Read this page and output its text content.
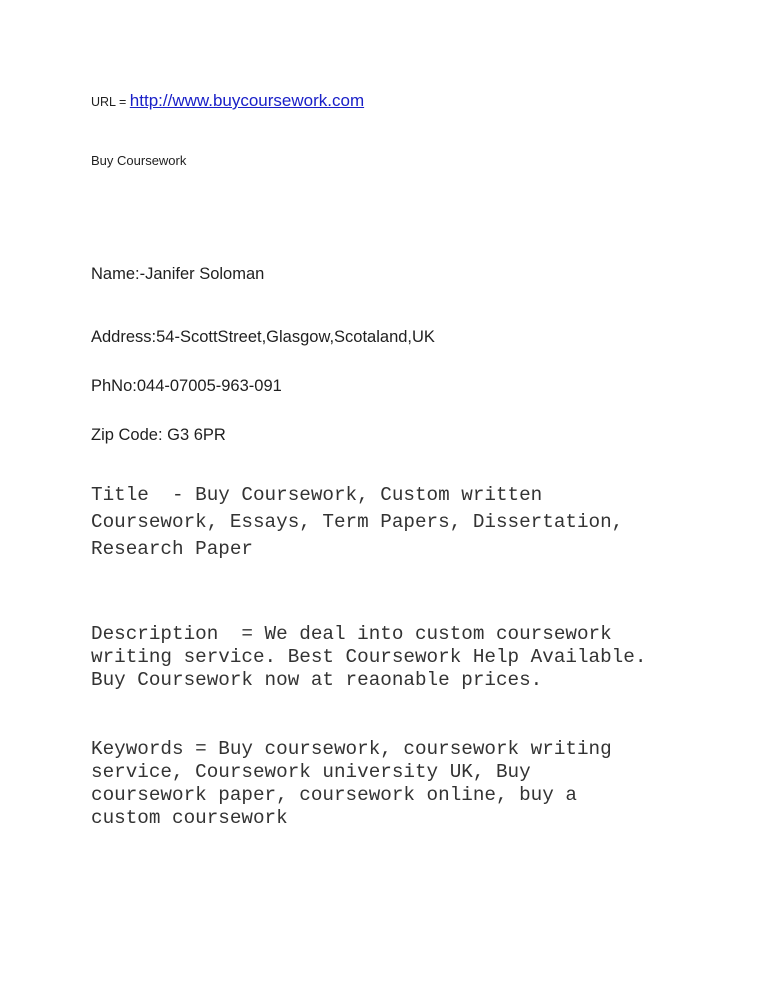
URL = http://www.buycoursework.com
Buy Coursework
Name:-Janifer Soloman
Address:54-ScottStreet,Glasgow,Scotaland,UK
PhNo:044-07005-963-091
Zip Code: G3 6PR
Title  - Buy Coursework, Custom written
Coursework, Essays, Term Papers, Dissertation,
Research Paper
Description  = We deal into custom coursework
writing service. Best Coursework Help Available.
Buy Coursework now at reaonable prices.
Keywords = Buy coursework, coursework writing
service, Coursework university UK, Buy
coursework paper, coursework online, buy a
custom coursework
